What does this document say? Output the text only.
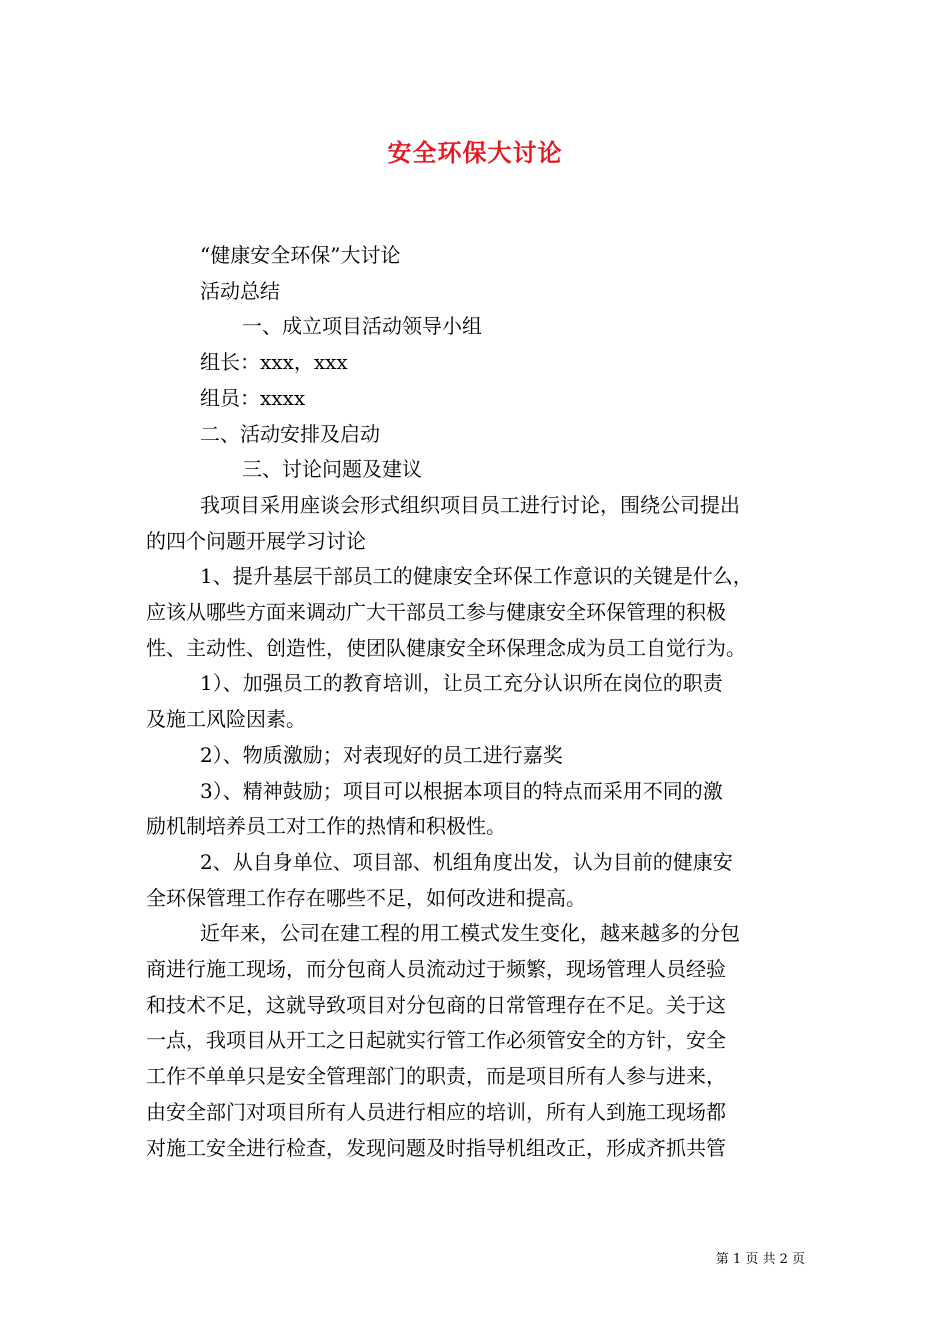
安全环保大讨论

“健康安全环保”大讨论

活动总结

一、成立项目活动领导小组

组长：xxx，xxx

组员：xxxx

二、活动安排及启动

三、讨论问题及建议

我项目采用座谈会形式组织项目员工进行讨论，围绕公司提出

的四个问题开展学习讨论

1、提升基层干部员工的健康安全环保工作意识的关键是什么，

应该从哪些方面来调动广大干部员工参与健康安全环保管理的积极

性、主动性、创造性，使团队健康安全环保理念成为员工自觉行为。

1）、加强员工的教育培训，让员工充分认识所在岗位的职责

及施工风险因素。

2）、物质激励；对表现好的员工进行嘉奖

3）、精神鼓励；项目可以根据本项目的特点而采用不同的激

励机制培养员工对工作的热情和积极性。

2、从自身单位、项目部、机组角度出发，认为目前的健康安

全环保管理工作存在哪些不足，如何改进和提高。

近年来，公司在建工程的用工模式发生变化，越来越多的分包

商进行施工现场，而分包商人员流动过于频繁，现场管理人员经验

和技术不足，这就导致项目对分包商的日常管理存在不足。关于这

一点，我项目从开工之日起就实行管工作必须管安全的方针，安全

工作不单单只是安全管理部门的职责，而是项目所有人参与进来，

由安全部门对项目所有人员进行相应的培训，所有人到施工现场都

对施工安全进行检查，发现问题及时指导机组改正，形成齐抓共管

第 1 页 共 2 页
